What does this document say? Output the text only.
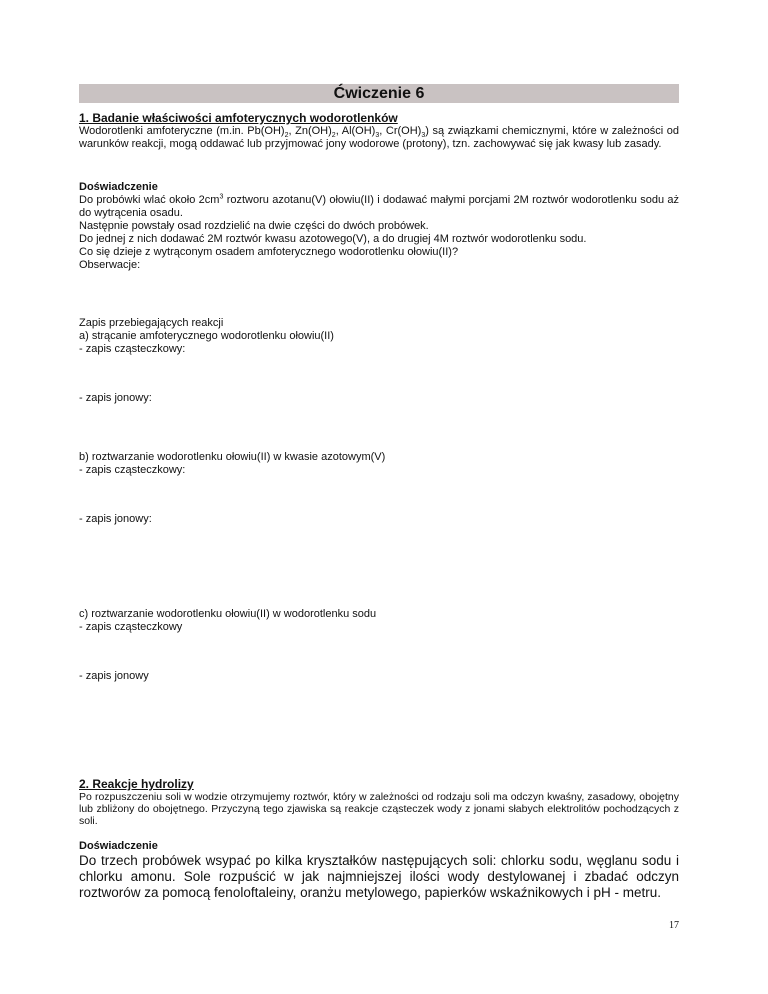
Ćwiczenie 6
1. Badanie właściwości amfoterycznych wodorotlenków
Wodorotlenki amfoteryczne (m.in. $Pb(OH)_2$, $Zn(OH)_2$, $Al(OH)_3$, $Cr(OH)_3$) są związkami chemicznymi, które w zależności od warunków reakcji, mogą oddawać lub przyjmować jony wodorowe (protony), tzn. zachowywać się jak kwasy lub zasady.
Doświadczenie
Do probówki wlać około $2cm^3$ roztworu azotanu(V) ołowiu(II) i dodawać małymi porcjami 2M roztwór wodorotlenku sodu aż do wytrącenia osadu.
Następnie powstały osad rozdzielić na dwie części do dwóch probówek.
Do jednej z nich dodawać 2M roztwór kwasu azotowego(V), a do drugiej 4M roztwór wodorotlenku sodu.
Co się dzieje z wytrąconym osadem amfoterycznego wodorotlenku ołowiu(II)?
Obserwacje:
Zapis przebiegających reakcji
a) strącanie amfoterycznego wodorotlenku ołowiu(II)
- zapis cząsteczkowy:
- zapis jonowy:
b) roztwarzanie wodorotlenku ołowiu(II) w kwasie azotowym(V)
- zapis cząsteczkowy:
- zapis jonowy:
c) roztwarzanie wodorotlenku ołowiu(II) w wodorotlenku sodu
- zapis cząsteczkowy
- zapis jonowy
2. Reakcje hydrolizy
Po rozpuszczeniu soli w wodzie otrzymujemy roztwór, który w zależności od rodzaju soli ma odczyn kwaśny, zasadowy, obojętny lub zbliżony do obojętnego. Przyczyną tego zjawiska są reakcje cząsteczek wody z jonami słabych elektrolitów pochodzących z soli.
Doświadczenie
Do trzech probówek wsypać po kilka kryształków następujących soli: chlorku sodu, węglanu sodu i chlorku amonu. Sole rozpuścić w jak najmniejszej ilości wody destylowanej i zbadać odczyn roztworów za pomocą fenoloftaleiny, oranżu metylowego, papierków wskaźnikowych i pH - metru.
17
